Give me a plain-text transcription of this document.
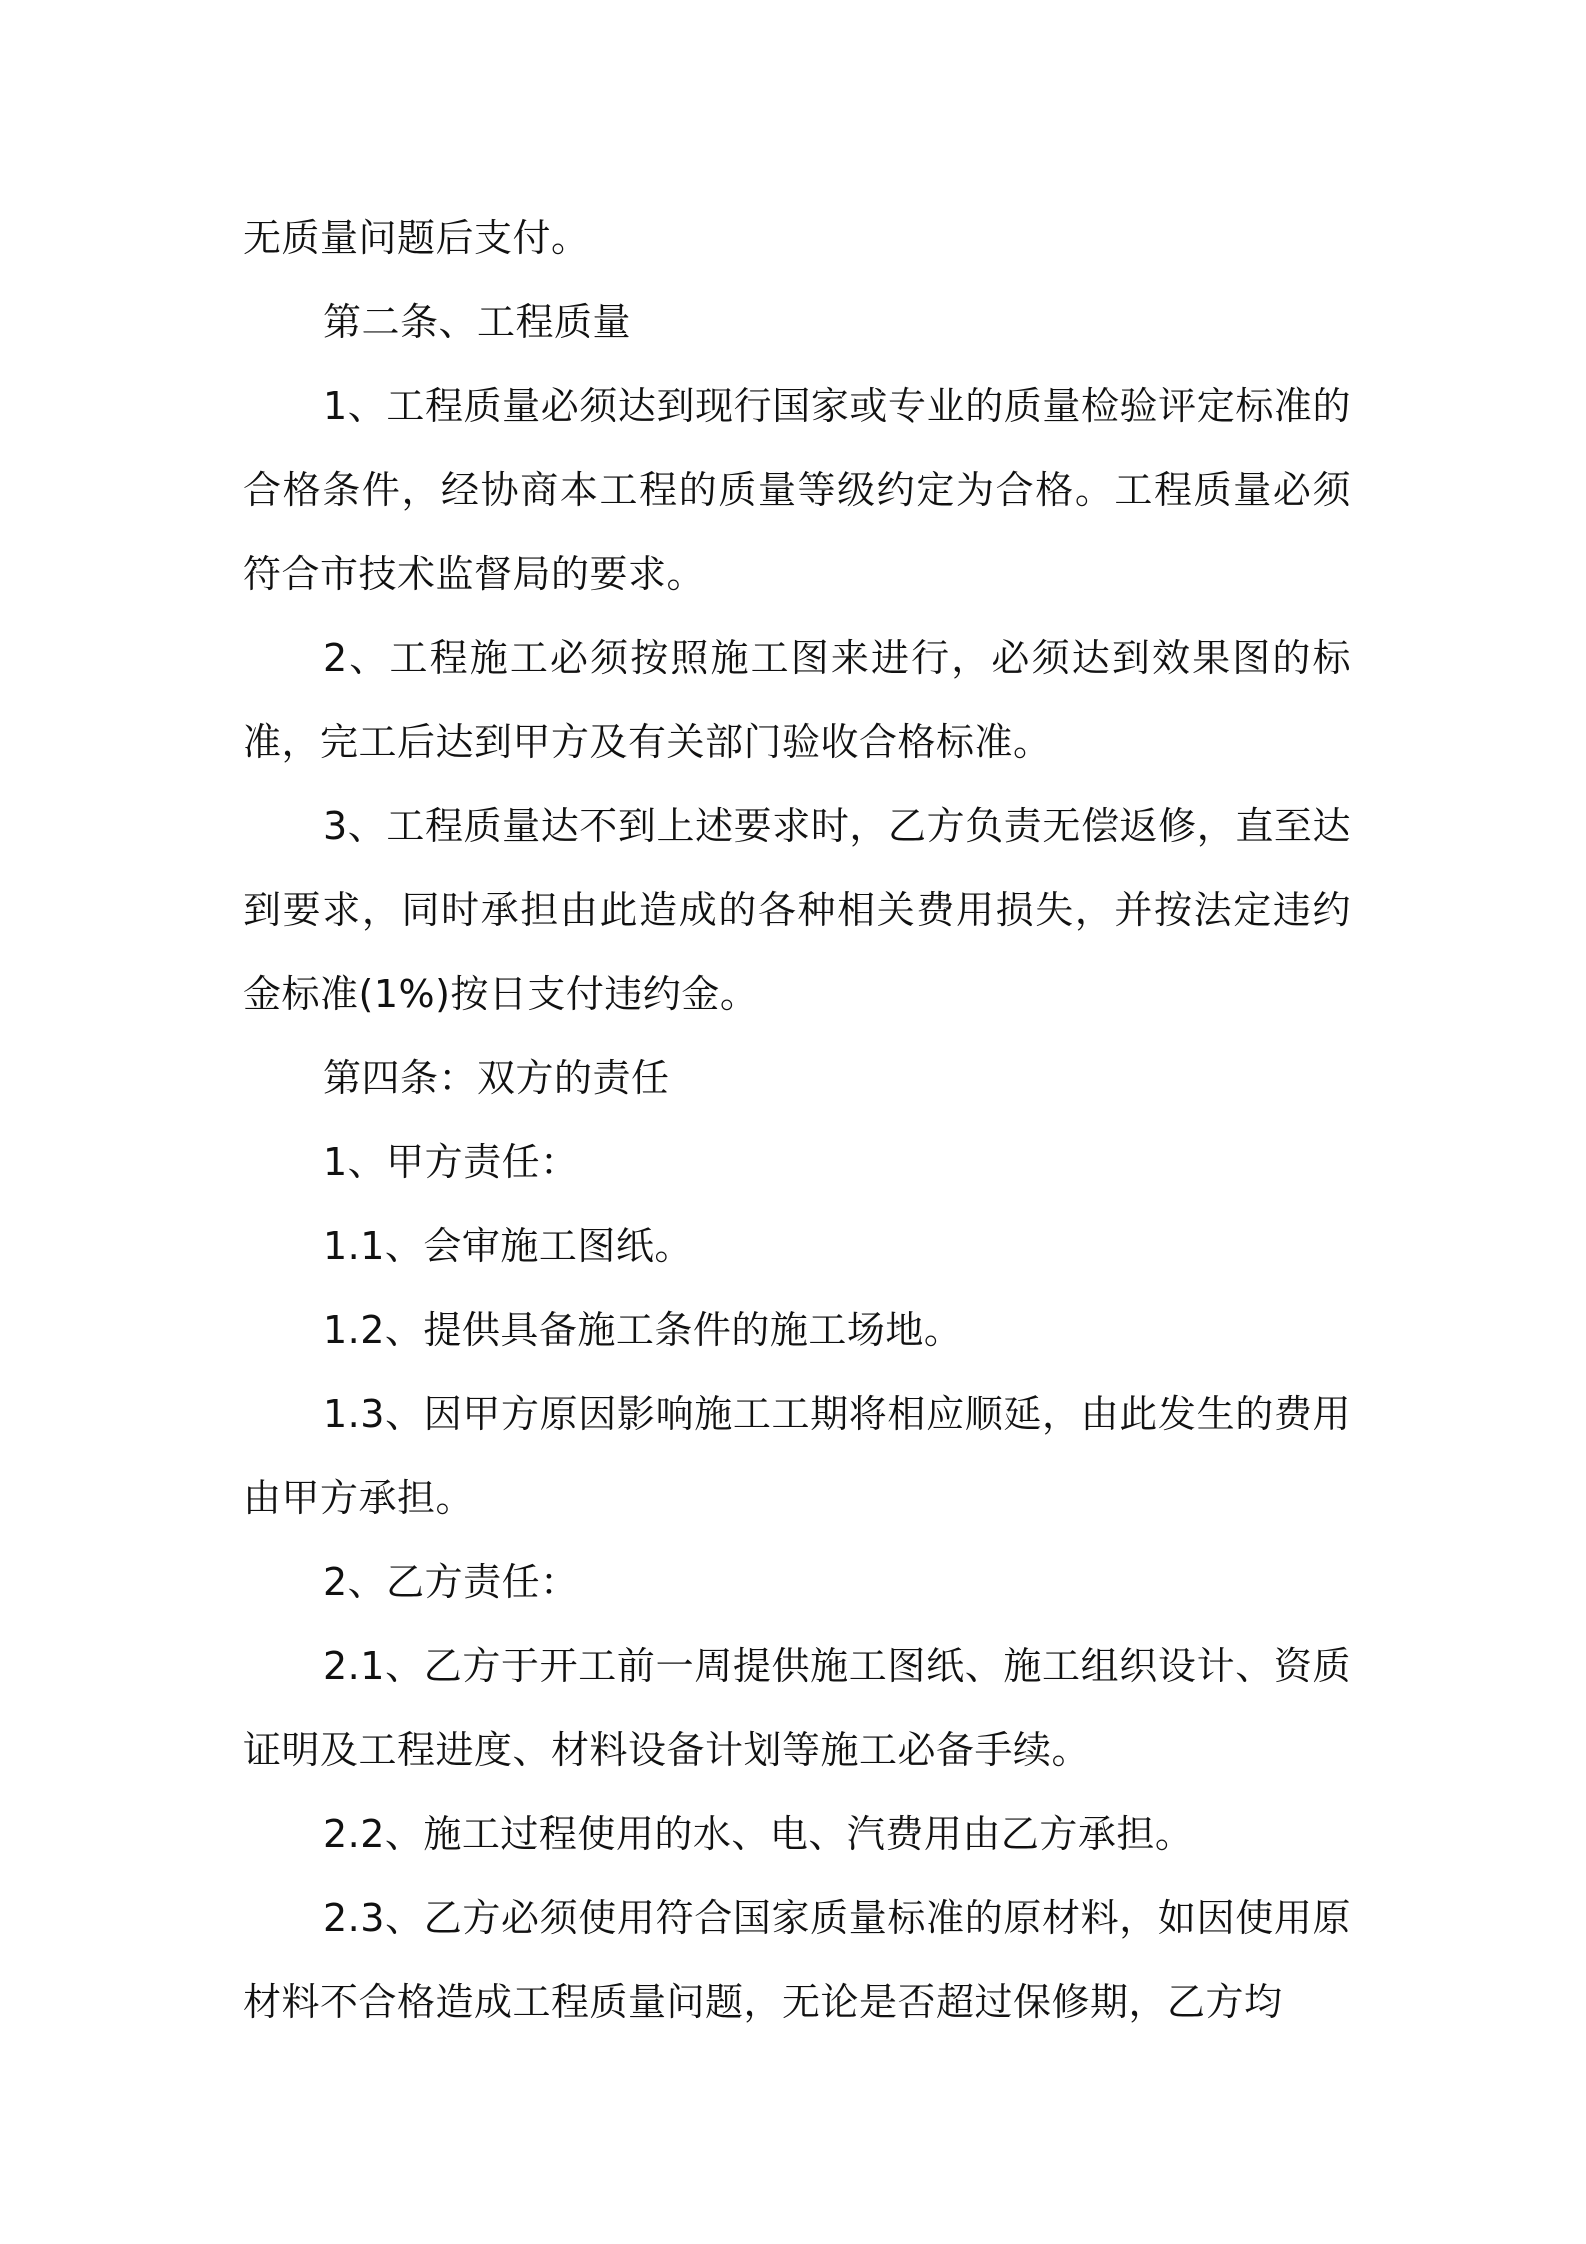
无质量问题后支付。

第二条、工程质量

1、工程质量必须达到现行国家或专业的质量检验评定标准的合格条件，经协商本工程的质量等级约定为合格。工程质量必须符合市技术监督局的要求。

2、工程施工必须按照施工图来进行，必须达到效果图的标准，完工后达到甲方及有关部门验收合格标准。

3、工程质量达不到上述要求时，乙方负责无偿返修，直至达到要求，同时承担由此造成的各种相关费用损失，并按法定违约金标准(1%)按日支付违约金。

第四条：双方的责任

1、甲方责任：

1.1、会审施工图纸。

1.2、提供具备施工条件的施工场地。

1.3、因甲方原因影响施工工期将相应顺延，由此发生的费用由甲方承担。

2、乙方责任：

2.1、乙方于开工前一周提供施工图纸、施工组织设计、资质证明及工程进度、材料设备计划等施工必备手续。

2.2、施工过程使用的水、电、汽费用由乙方承担。

2.3、乙方必须使用符合国家质量标准的原材料，如因使用原材料不合格造成工程质量问题，无论是否超过保修期，乙方均
